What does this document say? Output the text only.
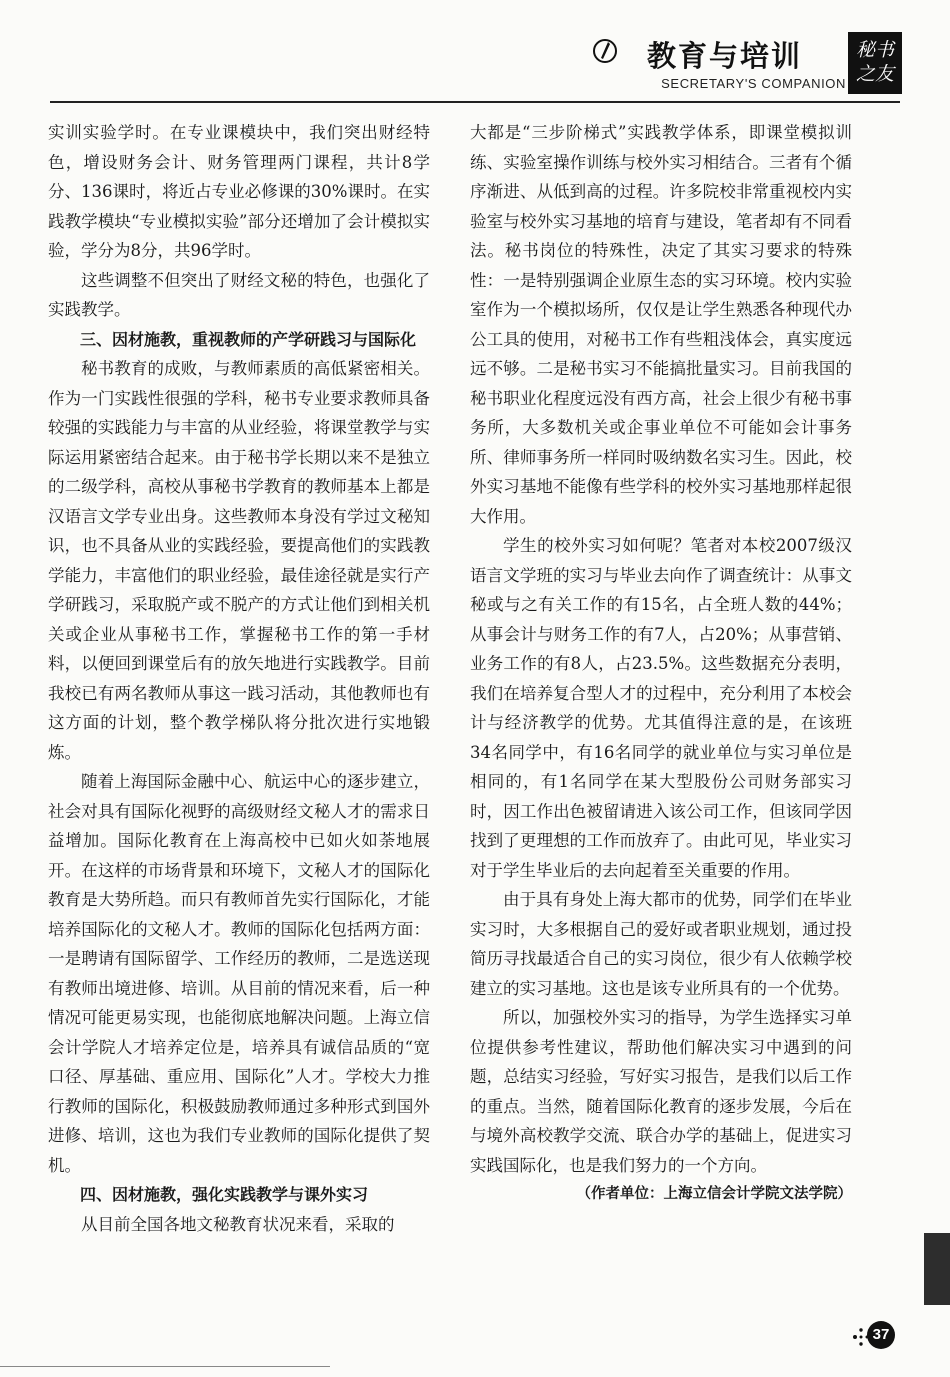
教育与培训	秘书
之友
SECRETARY'S COMPANION

实训实验学时。在专业课模块中，我们突出财经特色，增设财务会计、财务管理两门课程，共计8学分、136课时，将近占专业必修课的30%课时。在实践教学模块“专业模拟实验”部分还增加了会计模拟实验，学分为8分，共96学时。

这些调整不但突出了财经文秘的特色，也强化了实践教学。

三、因材施教，重视教师的产学研践习与国际化

秘书教育的成败，与教师素质的高低紧密相关。作为一门实践性很强的学科，秘书专业要求教师具备较强的实践能力与丰富的从业经验，将课堂教学与实际运用紧密结合起来。由于秘书学长期以来不是独立的二级学科，高校从事秘书学教育的教师基本上都是汉语言文学专业出身。这些教师本身没有学过文秘知识，也不具备从业的实践经验，要提高他们的实践教学能力，丰富他们的职业经验，最佳途径就是实行产学研践习，采取脱产或不脱产的方式让他们到相关机关或企业从事秘书工作，掌握秘书工作的第一手材料，以便回到课堂后有的放矢地进行实践教学。目前我校已有两名教师从事这一践习活动，其他教师也有这方面的计划，整个教学梯队将分批次进行实地锻炼。

随着上海国际金融中心、航运中心的逐步建立，社会对具有国际化视野的高级财经文秘人才的需求日益增加。国际化教育在上海高校中已如火如荼地展开。在这样的市场背景和环境下，文秘人才的国际化教育是大势所趋。而只有教师首先实行国际化，才能培养国际化的文秘人才。教师的国际化包括两方面：一是聘请有国际留学、工作经历的教师，二是选送现有教师出境进修、培训。从目前的情况来看，后一种情况可能更易实现，也能彻底地解决问题。上海立信会计学院人才培养定位是，培养具有诚信品质的“宽口径、厚基础、重应用、国际化”人才。学校大力推行教师的国际化，积极鼓励教师通过多种形式到国外进修、培训，这也为我们专业教师的国际化提供了契机。

四、因材施教，强化实践教学与课外实习

从目前全国各地文秘教育状况来看，采取的

大都是“三步阶梯式”实践教学体系，即课堂模拟训练、实验室操作训练与校外实习相结合。三者有个循序渐进、从低到高的过程。许多院校非常重视校内实验室与校外实习基地的培育与建设，笔者却有不同看法。秘书岗位的特殊性，决定了其实习要求的特殊性：一是特别强调企业原生态的实习环境。校内实验室作为一个模拟场所，仅仅是让学生熟悉各种现代办公工具的使用，对秘书工作有些粗浅体会，真实度远远不够。二是秘书实习不能搞批量实习。目前我国的秘书职业化程度远没有西方高，社会上很少有秘书事务所，大多数机关或企事业单位不可能如会计事务所、律师事务所一样同时吸纳数名实习生。因此，校外实习基地不能像有些学科的校外实习基地那样起很大作用。

学生的校外实习如何呢？笔者对本校2007级汉语言文学班的实习与毕业去向作了调查统计：从事文秘或与之有关工作的有15名，占全班人数的44%；从事会计与财务工作的有7人，占20%；从事营销、业务工作的有8人，占23.5%。这些数据充分表明，我们在培养复合型人才的过程中，充分利用了本校会计与经济教学的优势。尤其值得注意的是，在该班34名同学中，有16名同学的就业单位与实习单位是相同的，有1名同学在某大型股份公司财务部实习时，因工作出色被留请进入该公司工作，但该同学因找到了更理想的工作而放弃了。由此可见，毕业实习对于学生毕业后的去向起着至关重要的作用。

由于具有身处上海大都市的优势，同学们在毕业实习时，大多根据自己的爱好或者职业规划，通过投简历寻找最适合自己的实习岗位，很少有人依赖学校建立的实习基地。这也是该专业所具有的一个优势。

所以，加强校外实习的指导，为学生选择实习单位提供参考性建议，帮助他们解决实习中遇到的问题，总结实习经验，写好实习报告，是我们以后工作的重点。当然，随着国际化教育的逐步发展，今后在与境外高校教学交流、联合办学的基础上，促进实习实践国际化，也是我们努力的一个方向。

（作者单位：上海立信会计学院文法学院）

37
